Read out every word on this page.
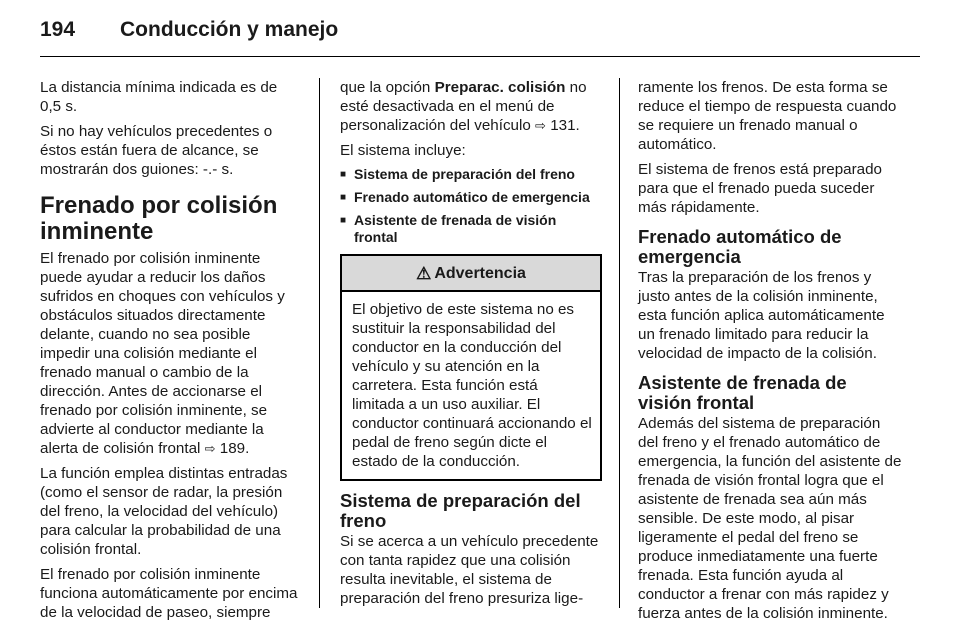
194 Conducción y manejo

La distancia mínima indicada es de 0,5 s.

Si no hay vehículos precedentes o éstos están fuera de alcance, se mostrarán dos guiones: -.- s.

Frenado por colisión inminente

El frenado por colisión inminente puede ayudar a reducir los daños sufridos en choques con vehículos y obstáculos situados directamente delante, cuando no sea posible impedir una colisión mediante el frenado manual o cambio de la dirección. Antes de accionarse el frenado por colisión inminente, se advierte al conductor mediante la alerta de colisión frontal ⇨ 189.

La función emplea distintas entradas (como el sensor de radar, la presión del freno, la velocidad del vehículo) para calcular la probabilidad de una colisión frontal.

El frenado por colisión inminente funciona automáticamente por encima de la velocidad de paseo, siempre

que la opción Preparac. colisión no esté desactivada en el menú de personalización del vehículo ⇨ 131.

El sistema incluye:

■ Sistema de preparación del freno
■ Frenado automático de emergencia
■ Asistente de frenada de visión frontal
⚠ Advertencia
El objetivo de este sistema no es sustituir la responsabilidad del conductor en la conducción del vehículo y su atención en la carretera. Esta función está limitada a un uso auxiliar. El conductor continuará accionando el pedal de freno según dicte el estado de la conducción.
Sistema de preparación del freno

Si se acerca a un vehículo precedente con tanta rapidez que una colisión resulta inevitable, el sistema de preparación del freno presuriza lige-

ramente los frenos. De esta forma se reduce el tiempo de respuesta cuando se requiere un frenado manual o automático.

El sistema de frenos está preparado para que el frenado pueda suceder más rápidamente.

Frenado automático de emergencia

Tras la preparación de los frenos y justo antes de la colisión inminente, esta función aplica automáticamente un frenado limitado para reducir la velocidad de impacto de la colisión.

Asistente de frenada de visión frontal

Además del sistema de preparación del freno y el frenado automático de emergencia, la función del asistente de frenada de visión frontal logra que el asistente de frenada sea aún más sensible. De este modo, al pisar ligeramente el pedal del freno se produce inmediatamente una fuerte frenada. Esta función ayuda al conductor a frenar con más rapidez y fuerza antes de la colisión inminente.
